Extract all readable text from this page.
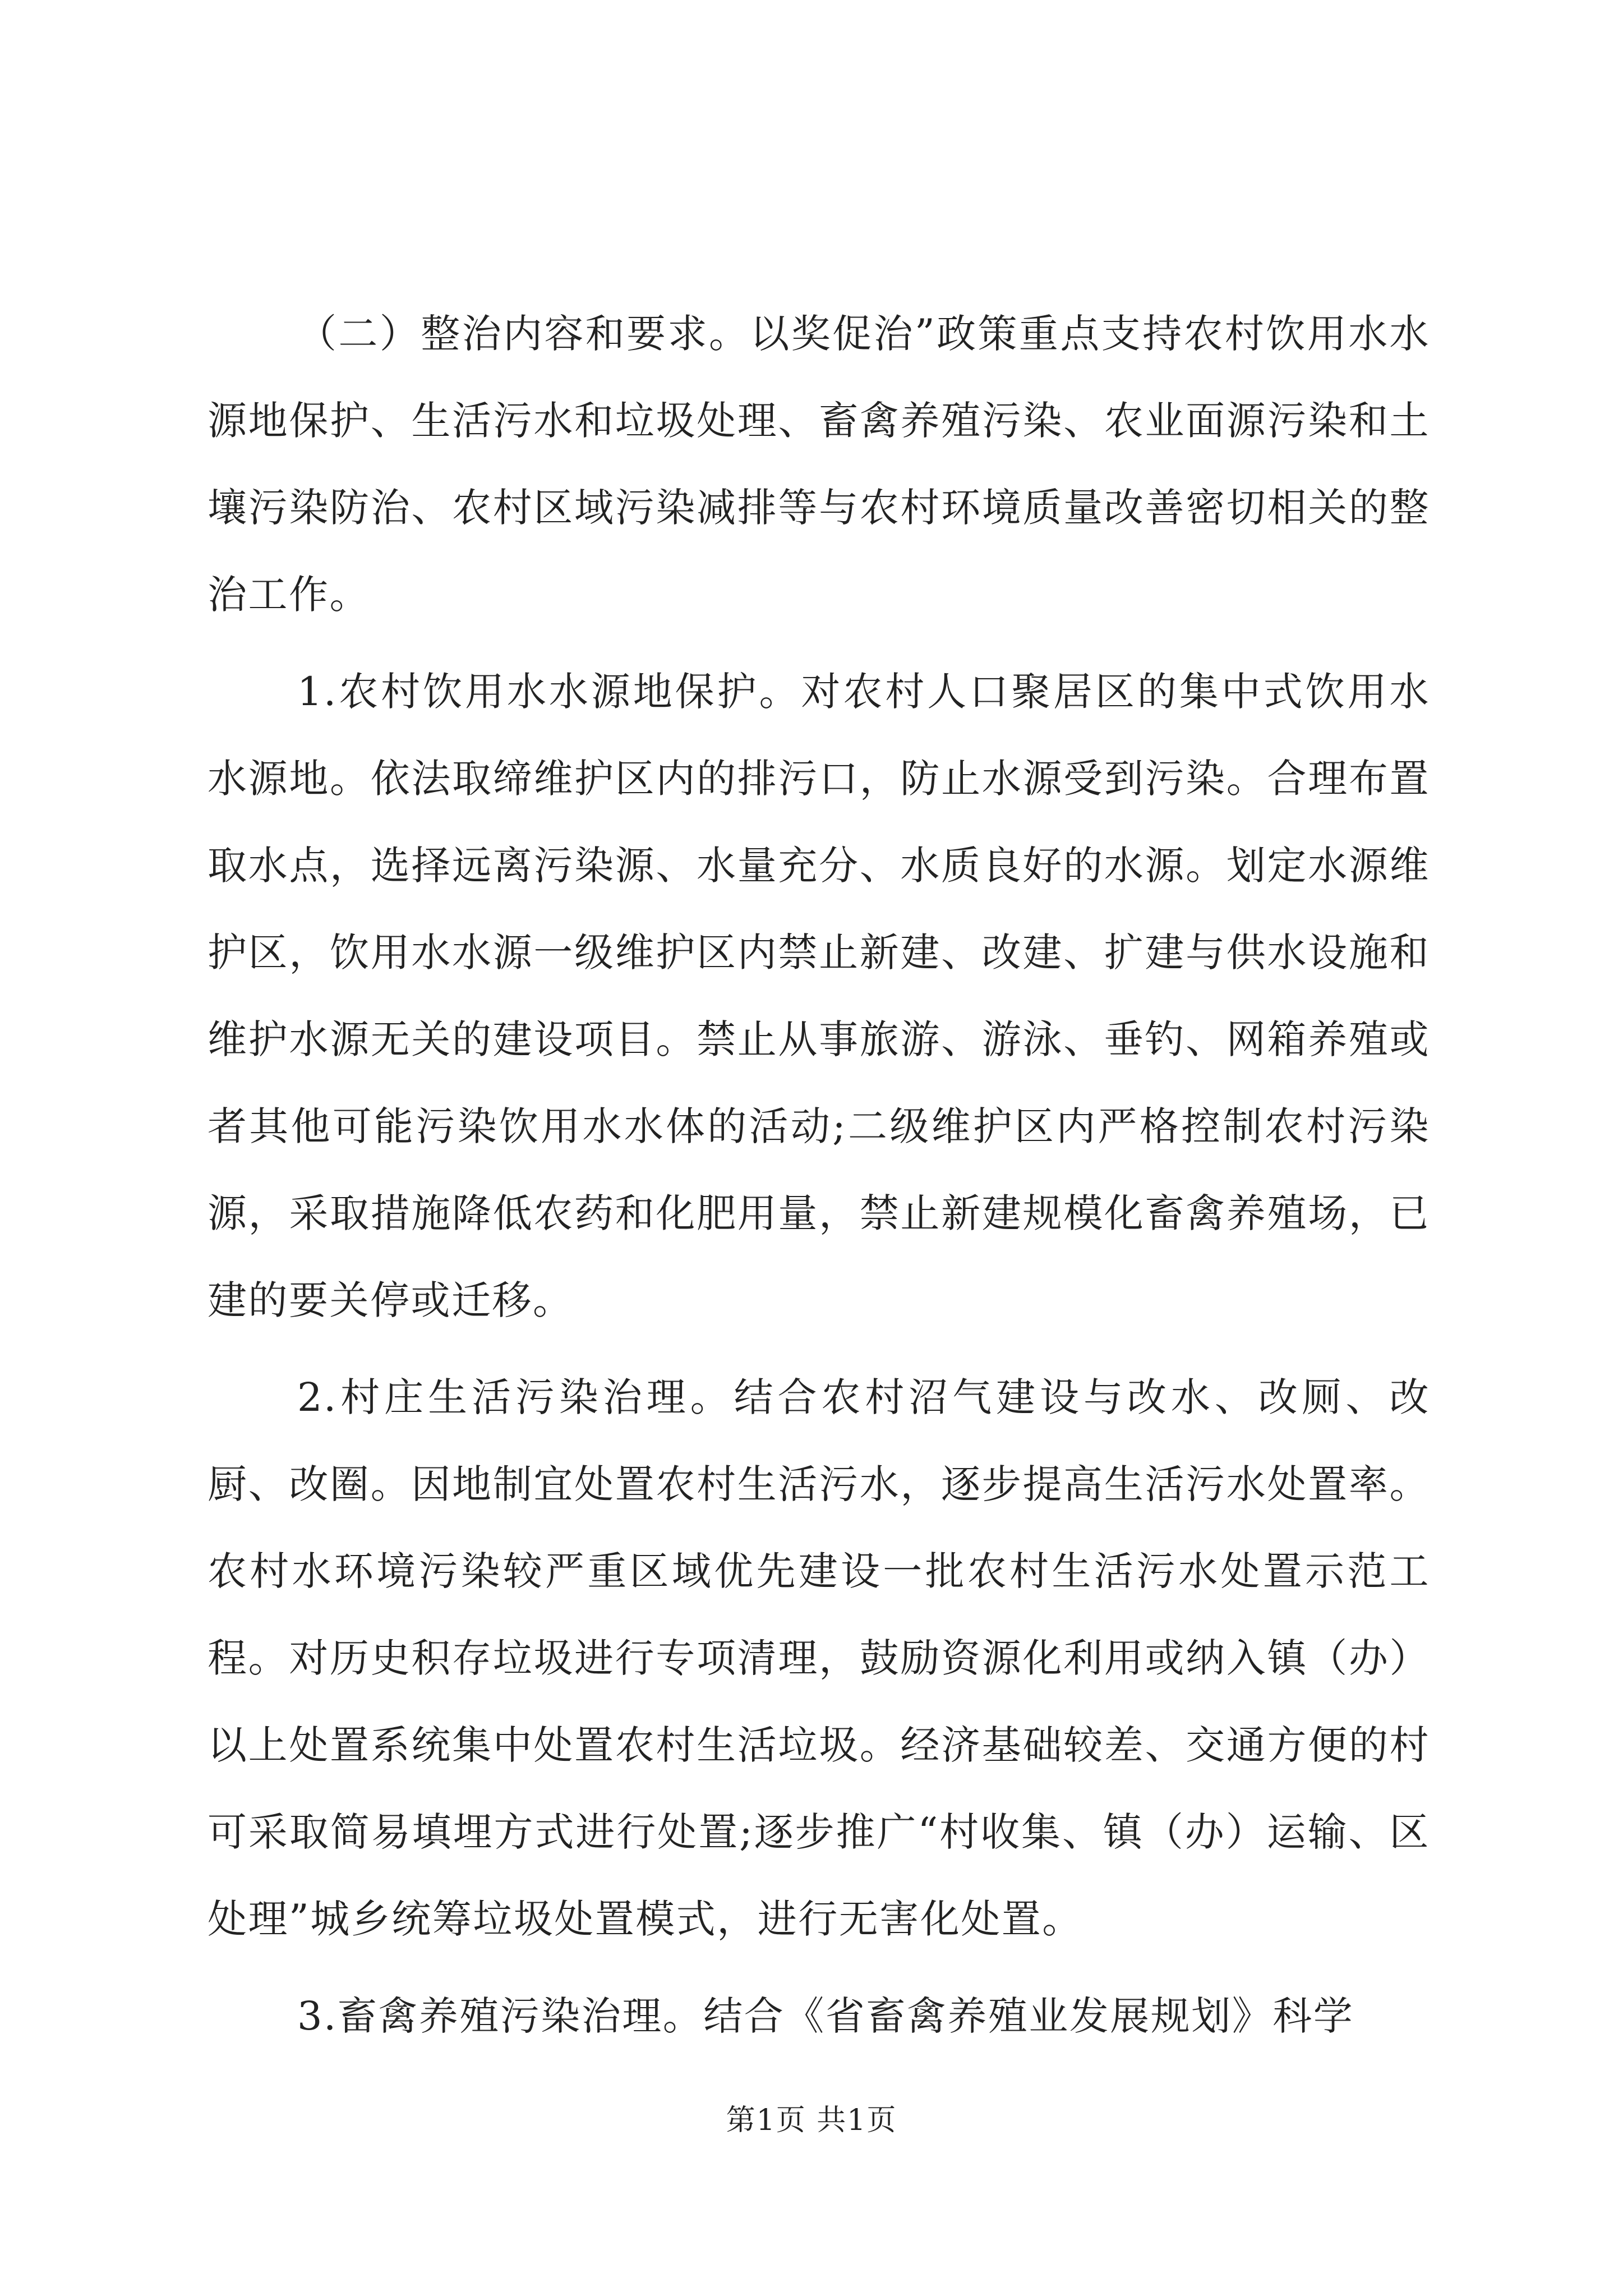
（二）整治内容和要求。以奖促治”政策重点支持农村饮用水水源地保护、生活污水和垃圾处理、畜禽养殖污染、农业面源污染和土壤污染防治、农村区域污染减排等与农村环境质量改善密切相关的整治工作。

1.农村饮用水水源地保护。对农村人口聚居区的集中式饮用水水源地。依法取缔维护区内的排污口，防止水源受到污染。合理布置取水点，选择远离污染源、水量充分、水质良好的水源。划定水源维护区，饮用水水源一级维护区内禁止新建、改建、扩建与供水设施和维护水源无关的建设项目。禁止从事旅游、游泳、垂钓、网箱养殖或者其他可能污染饮用水水体的活动;二级维护区内严格控制农村污染源，采取措施降低农药和化肥用量，禁止新建规模化畜禽养殖场，已建的要关停或迁移。

2.村庄生活污染治理。结合农村沼气建设与改水、改厕、改厨、改圈。因地制宜处置农村生活污水，逐步提高生活污水处置率。农村水环境污染较严重区域优先建设一批农村生活污水处置示范工程。对历史积存垃圾进行专项清理，鼓励资源化利用或纳入镇（办）以上处置系统集中处置农村生活垃圾。经济基础较差、交通方便的村可采取简易填埋方式进行处置;逐步推广“村收集、镇（办）运输、区处理”城乡统筹垃圾处置模式，进行无害化处置。

3.畜禽养殖污染治理。结合《省畜禽养殖业发展规划》科学

第1页 共1页
